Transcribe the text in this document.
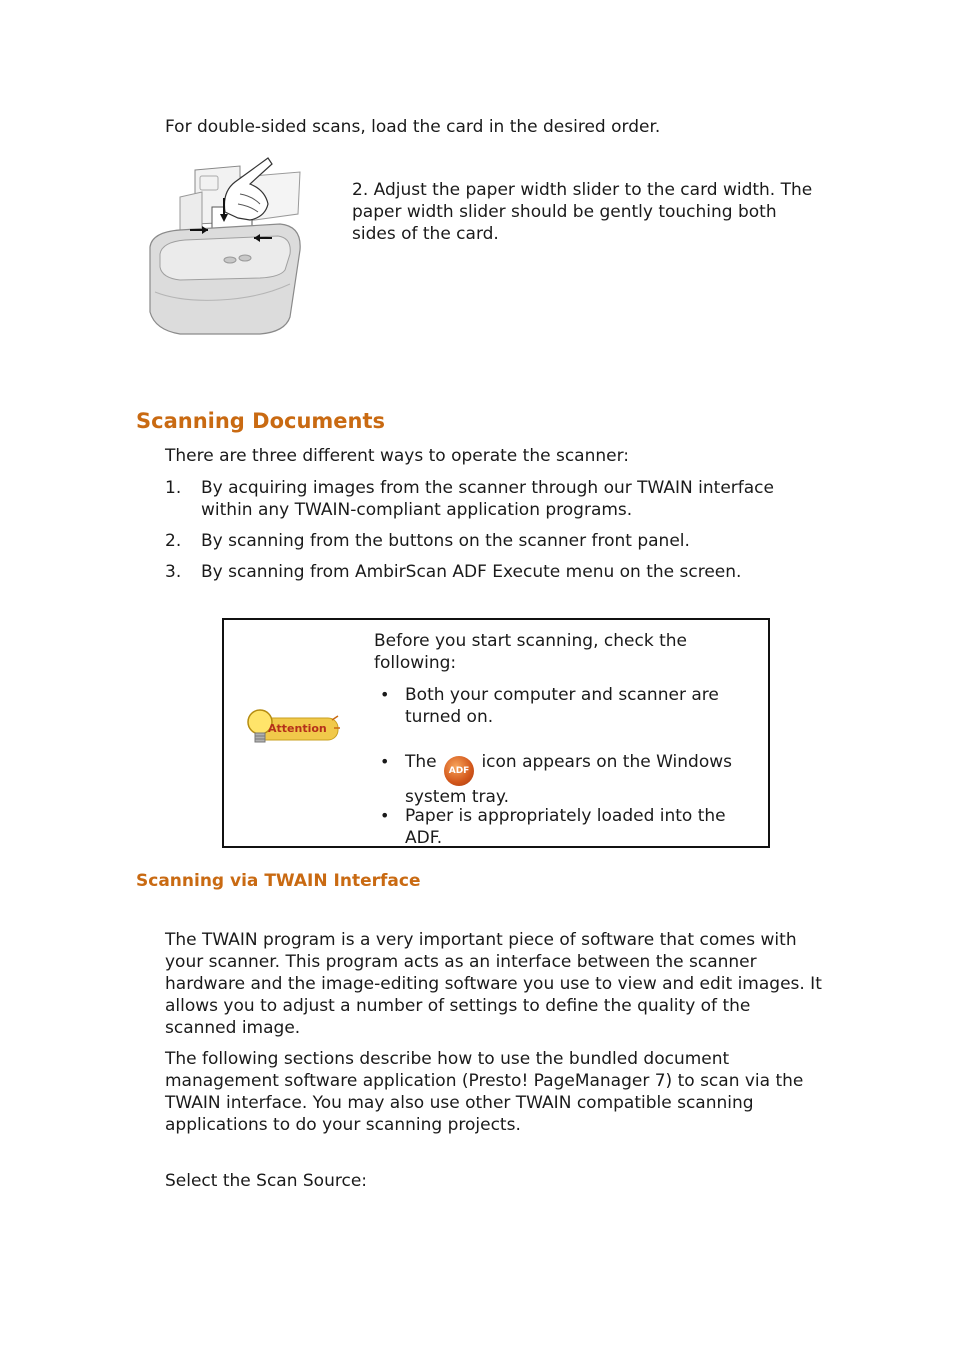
For double-sided scans, load the card in the desired order.
2. Adjust the paper width slider to the card width. The paper width slider should be gently touching both sides of the card.
Scanning Documents
There are three different ways to operate the scanner:
1. By acquiring images from the scanner through our TWAIN interface within any TWAIN-compliant application programs.
2. By scanning from the buttons on the scanner front panel.
3. By scanning from AmbirScan ADF Execute menu on the screen.
Attention
Before you start scanning, check the following:
• Both your computer and scanner are turned on.
• The ADF icon appears on the Windows system tray.
• Paper is appropriately loaded into the ADF.
Scanning via TWAIN Interface
The TWAIN program is a very important piece of software that comes with your scanner. This program acts as an interface between the scanner hardware and the image-editing software you use to view and edit images. It allows you to adjust a number of settings to define the quality of the scanned image.
The following sections describe how to use the bundled document management software application (Presto! PageManager 7) to scan via the TWAIN interface. You may also use other TWAIN compatible scanning applications to do your scanning projects.
Select the Scan Source:
